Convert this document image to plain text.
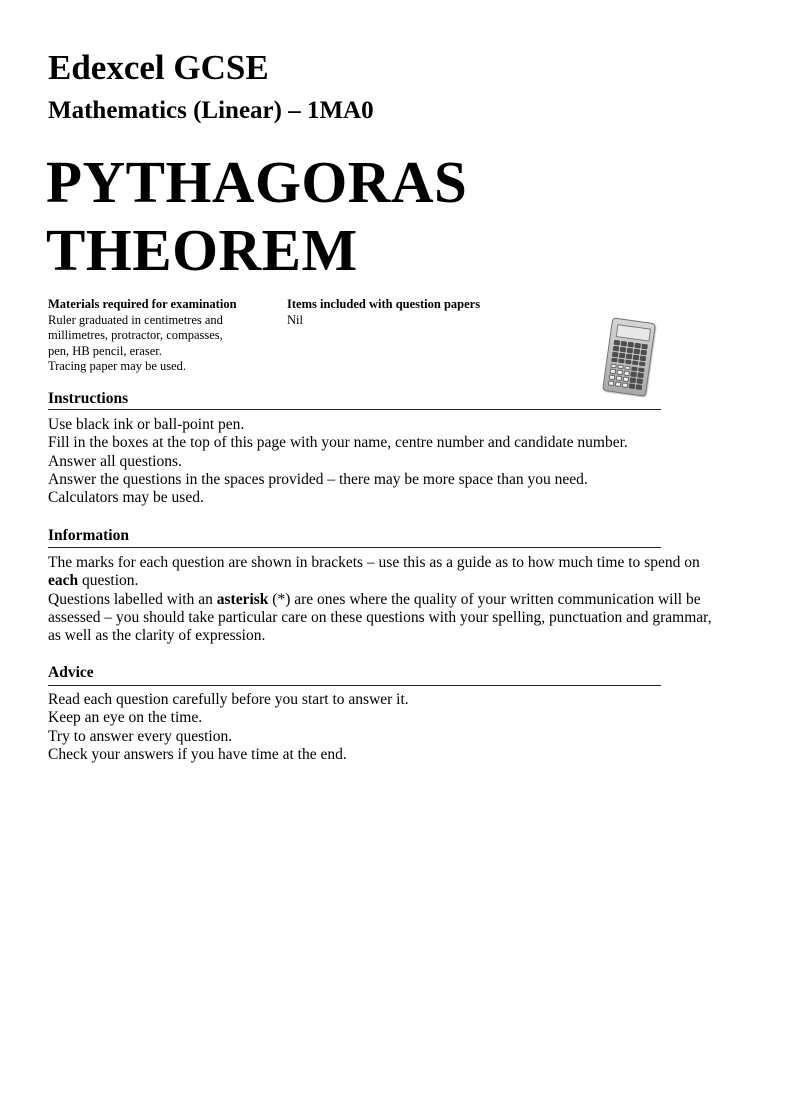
Edexcel GCSE
Mathematics (Linear) – 1MA0
PYTHAGORAS
THEOREM
Materials required for examination
Ruler graduated in centimetres and
millimetres, protractor, compasses,
pen, HB pencil, eraser.
Tracing paper may be used.
Items included with question papers
Nil
Instructions
Use black ink or ball-point pen.
Fill in the boxes at the top of this page with your name, centre number and candidate number.
Answer all questions.
Answer the questions in the spaces provided – there may be more space than you need.
Calculators may be used.
Information
The marks for each question are shown in brackets – use this as a guide as to how much time to spend on
each question.
Questions labelled with an asterisk (*) are ones where the quality of your written communication will be
assessed – you should take particular care on these questions with your spelling, punctuation and grammar,
as well as the clarity of expression.
Advice
Read each question carefully before you start to answer it.
Keep an eye on the time.
Try to answer every question.
Check your answers if you have time at the end.
